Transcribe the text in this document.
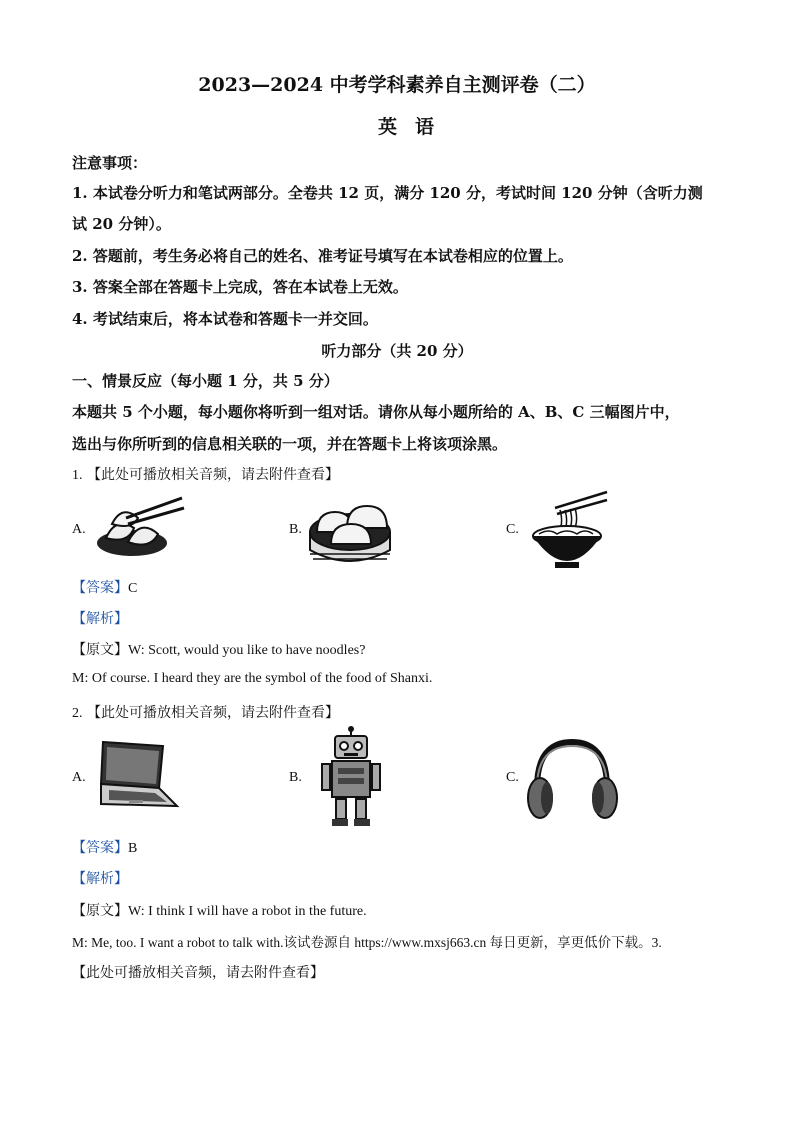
2023—2024 中考学科素养自主测评卷（二）
英语
注意事项：
1. 本试卷分听力和笔试两部分。全卷共 12 页，满分 120 分，考试时间 120 分钟（含听力测
试 20 分钟）。
2. 答题前，考生务必将自己的姓名、准考证号填写在本试卷相应的位置上。
3. 答案全部在答题卡上完成，答在本试卷上无效。
4. 考试结束后，将本试卷和答题卡一并交回。
听力部分（共 20 分）
一、情景反应（每小题 1 分，共 5 分）
本题共 5 个小题，每小题你将听到一组对话。请你从每小题所给的 A、B、C 三幅图片中，
选出与你所听到的信息相关联的一项，并在答题卡上将该项涂黑。
1. 【此处可播放相关音频，请去附件查看】
A.	B.	C.
【答案】C
【解析】
【原文】W: Scott, would you like to have noodles?
M: Of course. I heard they are the symbol of the food of Shanxi.
2. 【此处可播放相关音频，请去附件查看】
A.	B.	C.
【答案】B
【解析】
【原文】W: I think I will have a robot in the future.
M: Me, too. I want a robot to talk with.该试卷源自 https://www.mxsj663.cn 每日更新，享更低价下载。3.
【此处可播放相关音频，请去附件查看】
